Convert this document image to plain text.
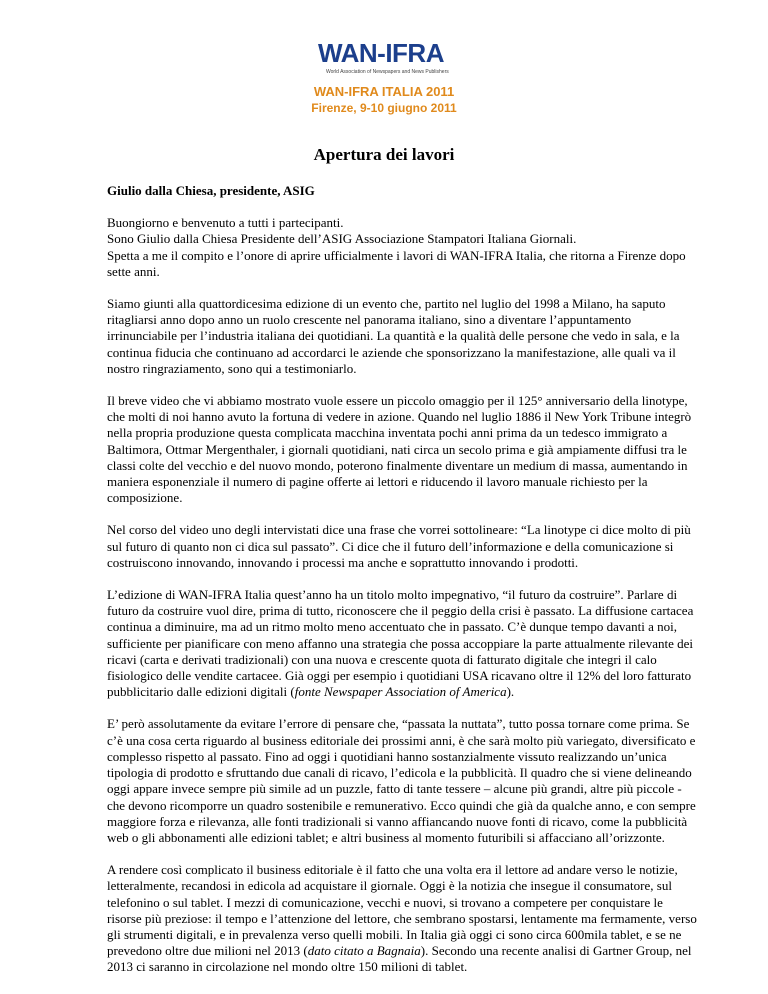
WAN-IFRA
World Association of Newspapers and News Publishers
WAN-IFRA ITALIA 2011
Firenze, 9-10 giugno 2011
Apertura dei lavori

Giulio dalla Chiesa, presidente, ASIG

Buongiorno e benvenuto a tutti i partecipanti.
Sono Giulio dalla Chiesa Presidente dell’ASIG Associazione Stampatori Italiana Giornali.
Spetta a me il compito e l’onore di aprire ufficialmente i lavori di WAN-IFRA Italia, che ritorna a Firenze dopo sette anni.

Siamo giunti alla quattordicesima edizione di un evento che, partito nel luglio del 1998 a Milano, ha saputo ritagliarsi anno dopo anno un ruolo crescente nel panorama italiano, sino a diventare l’appuntamento irrinunciabile per l’industria italiana dei quotidiani. La quantità e la qualità delle persone che vedo in sala, e la continua fiducia che continuano ad accordarci le aziende che sponsorizzano la manifestazione, alle quali va il nostro ringraziamento, sono qui a testimoniarlo.

Il breve video che vi abbiamo mostrato vuole essere un piccolo omaggio per il 125° anniversario della linotype, che molti di noi hanno avuto la fortuna di vedere in azione. Quando nel luglio 1886 il New York Tribune integrò nella propria produzione questa complicata macchina inventata pochi anni prima da un tedesco immigrato a Baltimora, Ottmar Mergenthaler, i giornali quotidiani, nati circa un secolo prima e già ampiamente diffusi tra le classi colte del vecchio e del nuovo mondo, poterono finalmente diventare un medium di massa, aumentando in maniera esponenziale il numero di pagine offerte ai lettori e riducendo il lavoro manuale richiesto per la composizione.

Nel corso del video uno degli intervistati dice una frase che vorrei sottolineare: “La linotype ci dice molto di più sul futuro di quanto non ci dica sul passato”. Ci dice che il futuro dell’informazione e della comunicazione si costruiscono innovando, innovando i processi ma anche e soprattutto innovando i prodotti.

L’edizione di WAN-IFRA Italia quest’anno ha un titolo molto impegnativo, “il futuro da costruire”. Parlare di futuro da costruire vuol dire, prima di tutto, riconoscere che il peggio della crisi è passato. La diffusione cartacea continua a diminuire, ma ad un ritmo molto meno accentuato che in passato. C’è dunque tempo davanti a noi, sufficiente per pianificare con meno affanno una strategia che possa accoppiare la parte attualmente rilevante dei ricavi (carta e derivati tradizionali) con una nuova e crescente quota di fatturato digitale che integri il calo fisiologico delle vendite cartacee. Già oggi per esempio i quotidiani USA ricavano oltre il 12% del loro fatturato pubblicitario dalle edizioni digitali (fonte Newspaper Association of America).

E’ però assolutamente da evitare l’errore di pensare che, “passata la nuttata”, tutto possa tornare come prima. Se c’è una cosa certa riguardo al business editoriale dei prossimi anni, è che sarà molto più variegato, diversificato e complesso rispetto al passato. Fino ad oggi i quotidiani hanno sostanzialmente vissuto realizzando un’unica tipologia di prodotto e sfruttando due canali di ricavo, l’edicola e la pubblicità. Il quadro che si viene delineando oggi appare invece sempre più simile ad un puzzle, fatto di tante tessere – alcune più grandi, altre più piccole - che devono ricomporre un quadro sostenibile e remunerativo. Ecco quindi che già da qualche anno, e con sempre maggiore forza e rilevanza, alle fonti tradizionali si vanno affiancando nuove fonti di ricavo, come la pubblicità web o gli abbonamenti alle edizioni tablet; e altri business al momento futuribili si affacciano all’orizzonte.

A rendere così complicato il business editoriale è il fatto che una volta era il lettore ad andare verso le notizie, letteralmente, recandosi in edicola ad acquistare il giornale. Oggi è la notizia che insegue il consumatore, sul telefonino o sul tablet. I mezzi di comunicazione, vecchi e nuovi, si trovano a competere per conquistare le risorse più preziose: il tempo e l’attenzione del lettore, che sembrano spostarsi, lentamente ma fermamente, verso gli strumenti digitali, e in prevalenza verso quelli mobili. In Italia già oggi ci sono circa 600mila tablet, e se ne prevedono oltre due milioni nel 2013 (dato citato a Bagnaia). Secondo una recente analisi di Gartner Group, nel 2013 ci saranno in circolazione nel mondo oltre 150 milioni di tablet.
